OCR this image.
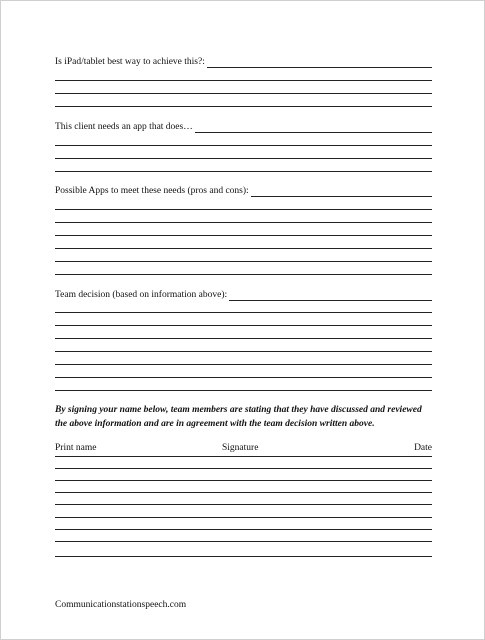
Is iPad/tablet best way to achieve this?:
This client needs an app that does…
Possible Apps to meet these needs (pros and cons):
Team decision (based on information above):
By signing your name below, team members are stating that they have discussed and reviewed the above information and are in agreement with the team decision written above.
Print name	Signature	Date
Communicationstationspeech.com
